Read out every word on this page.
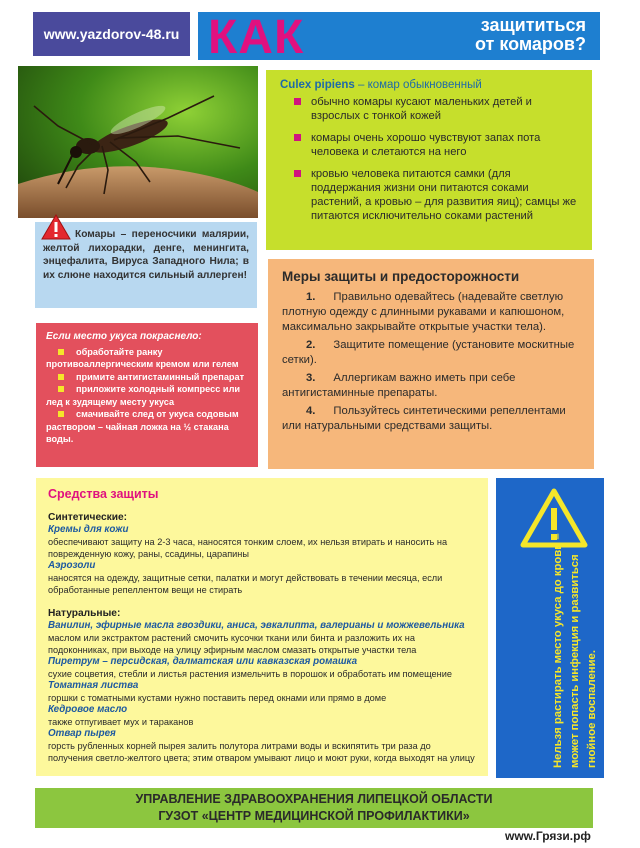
www.yazdorov-48.ru КАК	защититься
от комаров?
Culex pipiens – комар обыкновенный
обычно комары кусают маленьких детей и взрослых с тонкой кожей
комары очень хорошо чувствуют запах пота человека и слетаются на него
кровью человека питаются самки (для поддержания жизни они питаются соками растений, а кровью – для развития яиц); самцы же питаются исключительно соками растений
Комары – переносчики малярии, желтой лихорадки, денге, менингита, энцефалита, Вируса Западного Нила; в их слюне находится сильный аллерген!
Если место укуса покраснело:
обработайте ранку противоаллергическим кремом или гелем
примите антигистаминный препарат
приложите холодный компресс или лед к зудящему месту укуса
смачивайте след от укуса содовым раствором – чайная ложка на ½ стакана воды.
Меры защиты и предосторожности
1. Правильно одевайтесь (надевайте светлую плотную одежду с длинными рукавами и капюшоном, максимально закрывайте открытые участки тела).
2. Защитите помещение (установите москитные сетки).
3. Аллергикам важно иметь при себе антигистаминные препараты.
4. Пользуйтесь синтетическими репеллентами или натуральными средствами защиты.
Средства защиты
Синтетические:
Кремы для кожи
обеспечивают защиту на 2-3 часа, наносятся тонким слоем, их нельзя втирать и наносить на поврежденную кожу, раны, ссадины, царапины
Аэрозоли
наносятся на одежду, защитные сетки, палатки и могут действовать в течении месяца, если обработанные репеллентом вещи не стирать
Натуральные:
Ванилин, эфирные масла гвоздики, аниса, эвкалипта, валерианы и можжевельника
маслом или экстрактом растений смочить кусочки ткани или бинта и разложить их на подоконниках, при выходе на улицу эфирным маслом смазать открытые участки тела
Пиретрум – персидская, далматская или кавказская ромашка
сухие соцветия, стебли и листья растения измельчить в порошок и обработать им помещение
Томатная листва
горшки с томатными кустами нужно поставить перед окнами или прямо в доме
Кедровое масло
также отпугивает мух и тараканов
Отвар пырея
горсть рубленных корней пырея залить полутора литрами воды и вскипятить три раза до получения светло-желтого цвета; этим отваром умывают лицо и моют руки, когда выходят на улицу	Нельзя растирать место укуса до крови – может попасть инфекция и развиться гнойное воспаление.
УПРАВЛЕНИЕ ЗДРАВООХРАНЕНИЯ ЛИПЕЦКОЙ ОБЛАСТИ
ГУЗОТ «ЦЕНТР МЕДИЦИНСКОЙ ПРОФИЛАКТИКИ»
www.Грязи.рф
